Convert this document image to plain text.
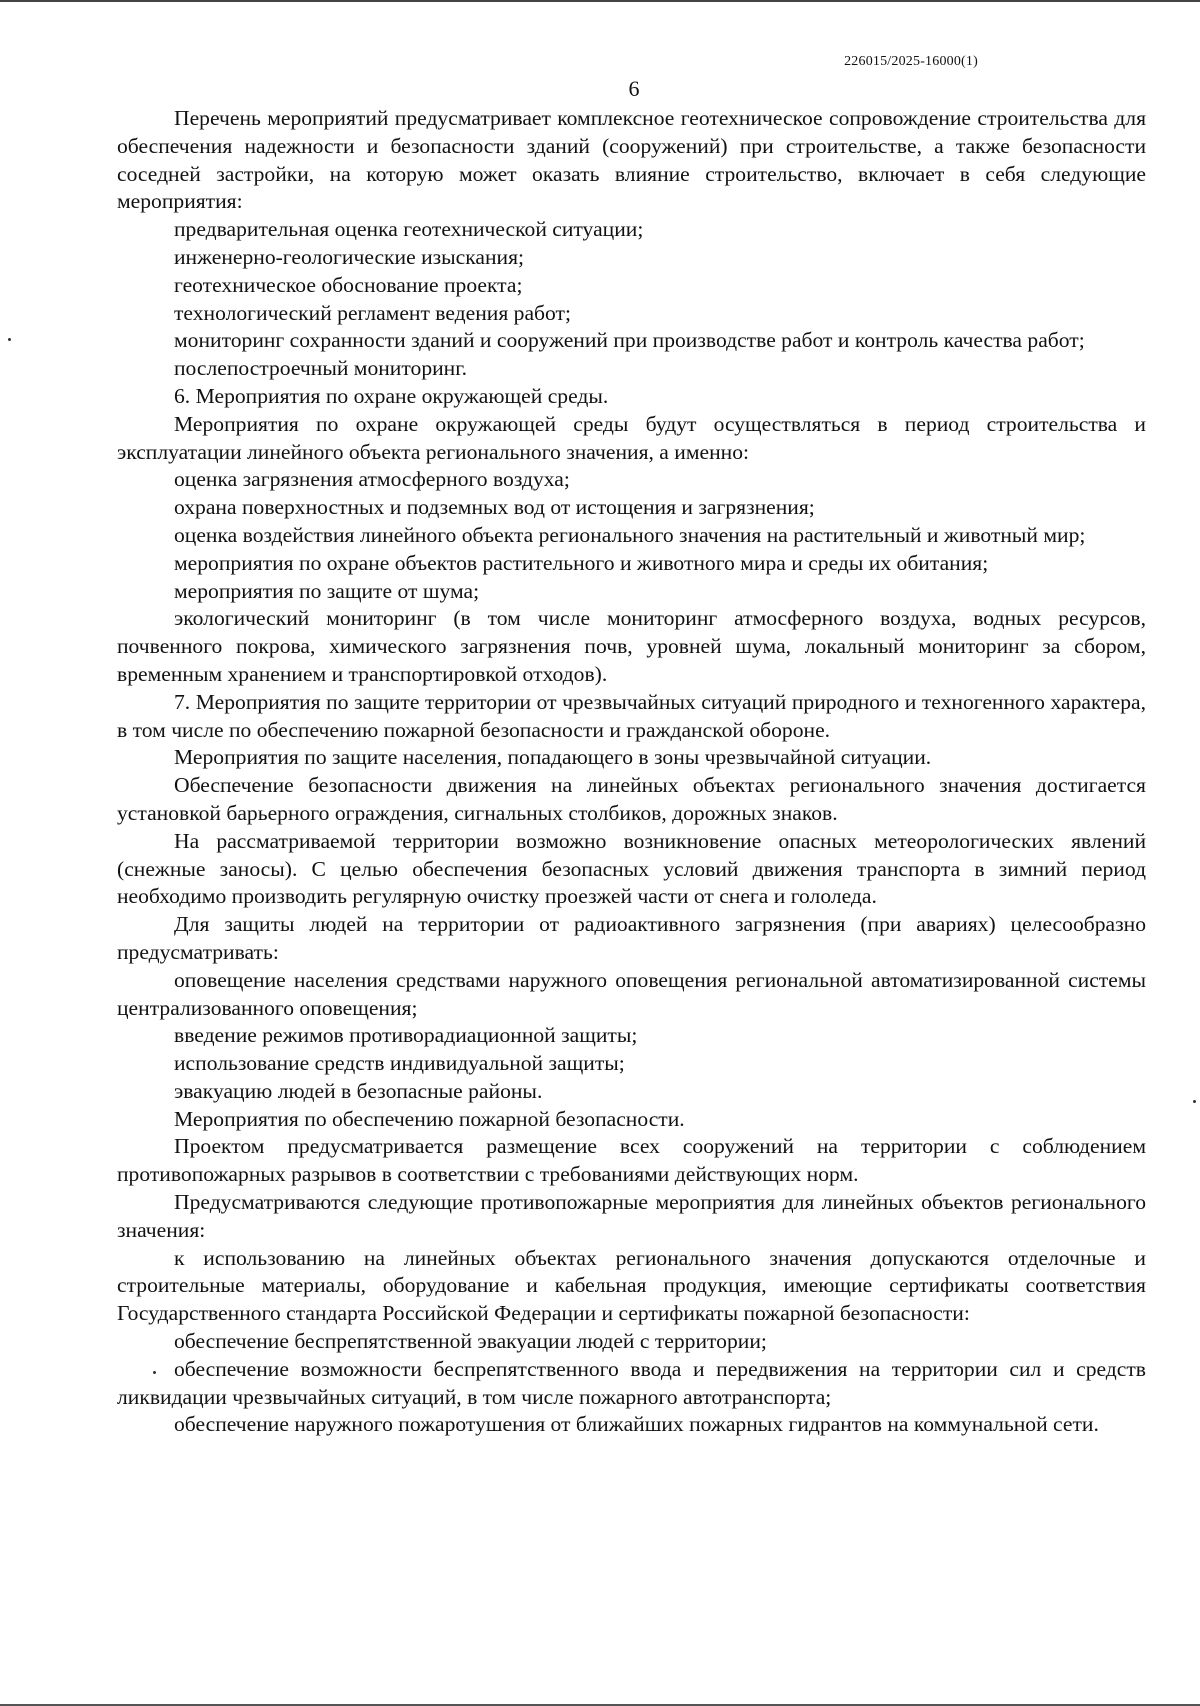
226015/2025-16000(1)
6

Перечень мероприятий предусматривает комплексное геотехническое сопровождение строительства для обеспечения надежности и безопасности зданий (сооружений) при строительстве, а также безопасности соседней застройки, на которую может оказать влияние строительство, включает в себя следующие мероприятия:

предварительная оценка геотехнической ситуации;

инженерно-геологические изыскания;

геотехническое обоснование проекта;

технологический регламент ведения работ;

мониторинг сохранности зданий и сооружений при производстве работ и контроль качества работ;

послепостроечный мониторинг.

6. Мероприятия по охране окружающей среды.

Мероприятия по охране окружающей среды будут осуществляться в период строительства и эксплуатации линейного объекта регионального значения, а именно:

оценка загрязнения атмосферного воздуха;

охрана поверхностных и подземных вод от истощения и загрязнения;

оценка воздействия линейного объекта регионального значения на растительный и животный мир;

мероприятия по охране объектов растительного и животного мира и среды их обитания;

мероприятия по защите от шума;

экологический мониторинг (в том числе мониторинг атмосферного воздуха, водных ресурсов, почвенного покрова, химического загрязнения почв, уровней шума, локальный мониторинг за сбором, временным хранением и транспортировкой отходов).

7. Мероприятия по защите территории от чрезвычайных ситуаций природного и техногенного характера, в том числе по обеспечению пожарной безопасности и гражданской обороне.

Мероприятия по защите населения, попадающего в зоны чрезвычайной ситуации.

Обеспечение безопасности движения на линейных объектах регионального значения достигается установкой барьерного ограждения, сигнальных столбиков, дорожных знаков.

На рассматриваемой территории возможно возникновение опасных метеорологических явлений (снежные заносы). С целью обеспечения безопасных условий движения транспорта в зимний период необходимо производить регулярную очистку проезжей части от снега и гололеда.

Для защиты людей на территории от радиоактивного загрязнения (при авариях) целесообразно предусматривать:

оповещение населения средствами наружного оповещения региональной автоматизированной системы централизованного оповещения;

введение режимов противорадиационной защиты;

использование средств индивидуальной защиты;

эвакуацию людей в безопасные районы.

Мероприятия по обеспечению пожарной безопасности.

Проектом предусматривается размещение всех сооружений на территории с соблюдением противопожарных разрывов в соответствии с требованиями действующих норм.

Предусматриваются следующие противопожарные мероприятия для линейных объектов регионального значения:

к использованию на линейных объектах регионального значения допускаются отделочные и строительные материалы, оборудование и кабельная продукция, имеющие сертификаты соответствия Государственного стандарта Российской Федерации и сертификаты пожарной безопасности:

обеспечение беспрепятственной эвакуации людей с территории;

обеспечение возможности беспрепятственного ввода и передвижения на территории сил и средств ликвидации чрезвычайных ситуаций, в том числе пожарного автотранспорта;

обеспечение наружного пожаротушения от ближайших пожарных гидрантов на коммунальной сети.
